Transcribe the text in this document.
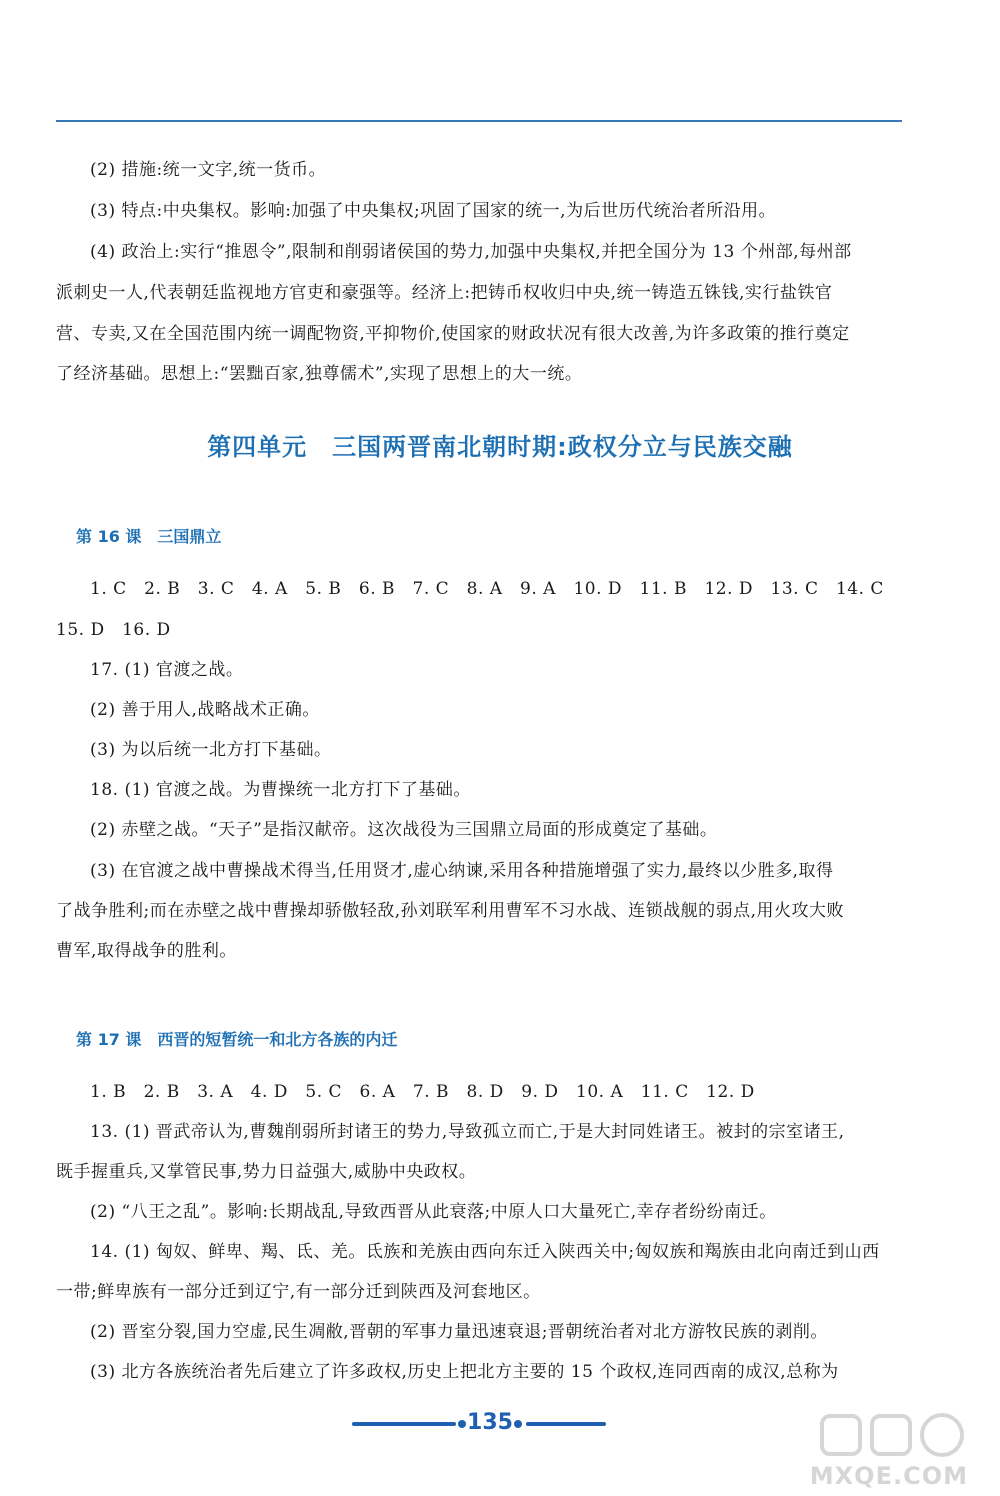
(2) 措施:统一文字,统一货币。
(3) 特点:中央集权。影响:加强了中央集权;巩固了国家的统一,为后世历代统治者所沿用。
(4) 政治上:实行“推恩令”,限制和削弱诸侯国的势力,加强中央集权,并把全国分为 13 个州部,每州部
派刺史一人,代表朝廷监视地方官吏和豪强等。经济上:把铸币权收归中央,统一铸造五铢钱,实行盐铁官
营、专卖,又在全国范围内统一调配物资,平抑物价,使国家的财政状况有很大改善,为许多政策的推行奠定
了经济基础。思想上:“罢黜百家,独尊儒术”,实现了思想上的大一统。
第四单元　三国两晋南北朝时期:政权分立与民族交融
第 16 课　三国鼎立
1. C　2. B　3. C　4. A　5. B　6. B　7. C　8. A　9. A　10. D　11. B　12. D　13. C　14. C
15. D　16. D
17. (1) 官渡之战。
(2) 善于用人,战略战术正确。
(3) 为以后统一北方打下基础。
18. (1) 官渡之战。为曹操统一北方打下了基础。
(2) 赤壁之战。“天子”是指汉献帝。这次战役为三国鼎立局面的形成奠定了基础。
(3) 在官渡之战中曹操战术得当,任用贤才,虚心纳谏,采用各种措施增强了实力,最终以少胜多,取得
了战争胜利;而在赤壁之战中曹操却骄傲轻敌,孙刘联军利用曹军不习水战、连锁战舰的弱点,用火攻大败
曹军,取得战争的胜利。
第 17 课　西晋的短暂统一和北方各族的内迁
1. B　2. B　3. A　4. D　5. C　6. A　7. B　8. D　9. D　10. A　11. C　12. D
13. (1) 晋武帝认为,曹魏削弱所封诸王的势力,导致孤立而亡,于是大封同姓诸王。被封的宗室诸王,
既手握重兵,又掌管民事,势力日益强大,威胁中央政权。
(2) “八王之乱”。影响:长期战乱,导致西晋从此衰落;中原人口大量死亡,幸存者纷纷南迁。
14. (1) 匈奴、鲜卑、羯、氐、羌。氐族和羌族由西向东迁入陕西关中;匈奴族和羯族由北向南迁到山西
一带;鲜卑族有一部分迁到辽宁,有一部分迁到陕西及河套地区。
(2) 晋室分裂,国力空虚,民生凋敝,晋朝的军事力量迅速衰退;晋朝统治者对北方游牧民族的剥削。
(3) 北方各族统治者先后建立了许多政权,历史上把北方主要的 15 个政权,连同西南的成汉,总称为
135
MXQE.COM
